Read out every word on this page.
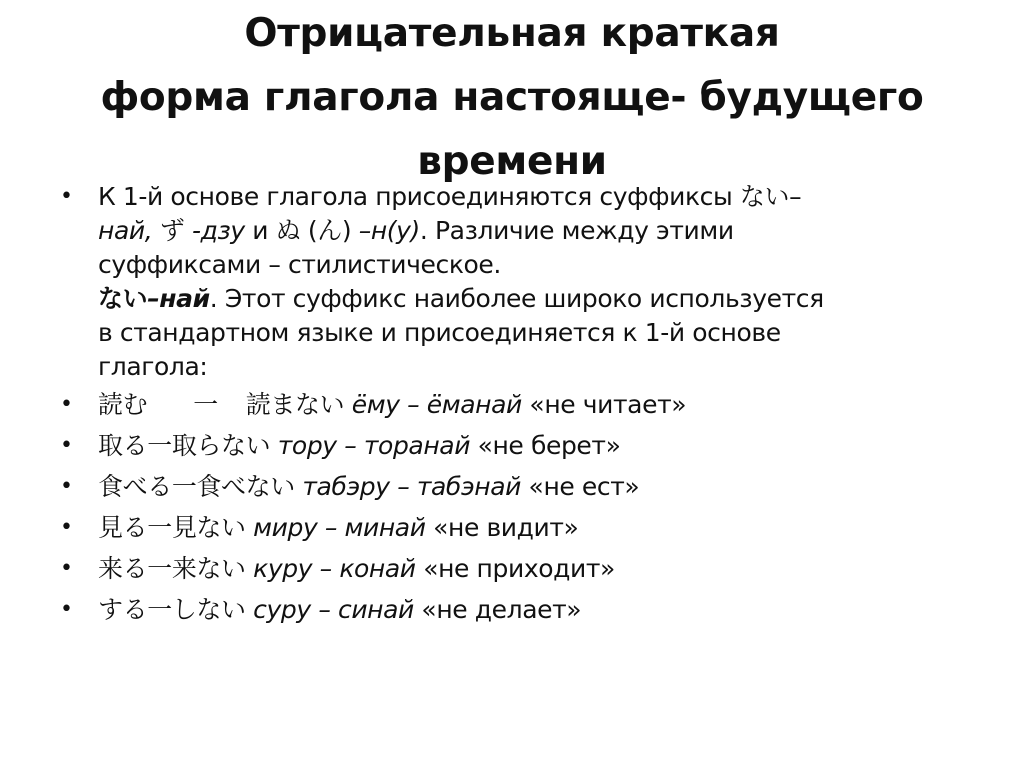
Отрицательная краткая
форма глагола настояще- будущего
времени
• К 1-й основе глагола присоединяются суффиксы ない–
най, ず -дзу и ぬ (ん) –н(у). Различие между этими
суффиксами – стилистическое.
ない–най. Этот суффикс наиболее широко используется
в стандартном языке и присоединяется к 1-й основе
глагола:
• 読む 一 読まない ёму – ёманай «не читает»
• 取る一取らない тору – торанай «не берет»
• 食べる一食べない табэру – табэнай «не ест»
• 見る一見ない миру – минай «не видит»
• 来る一来ない куру – конай «не приходит»
• する一しない суру – синай «не делает»
